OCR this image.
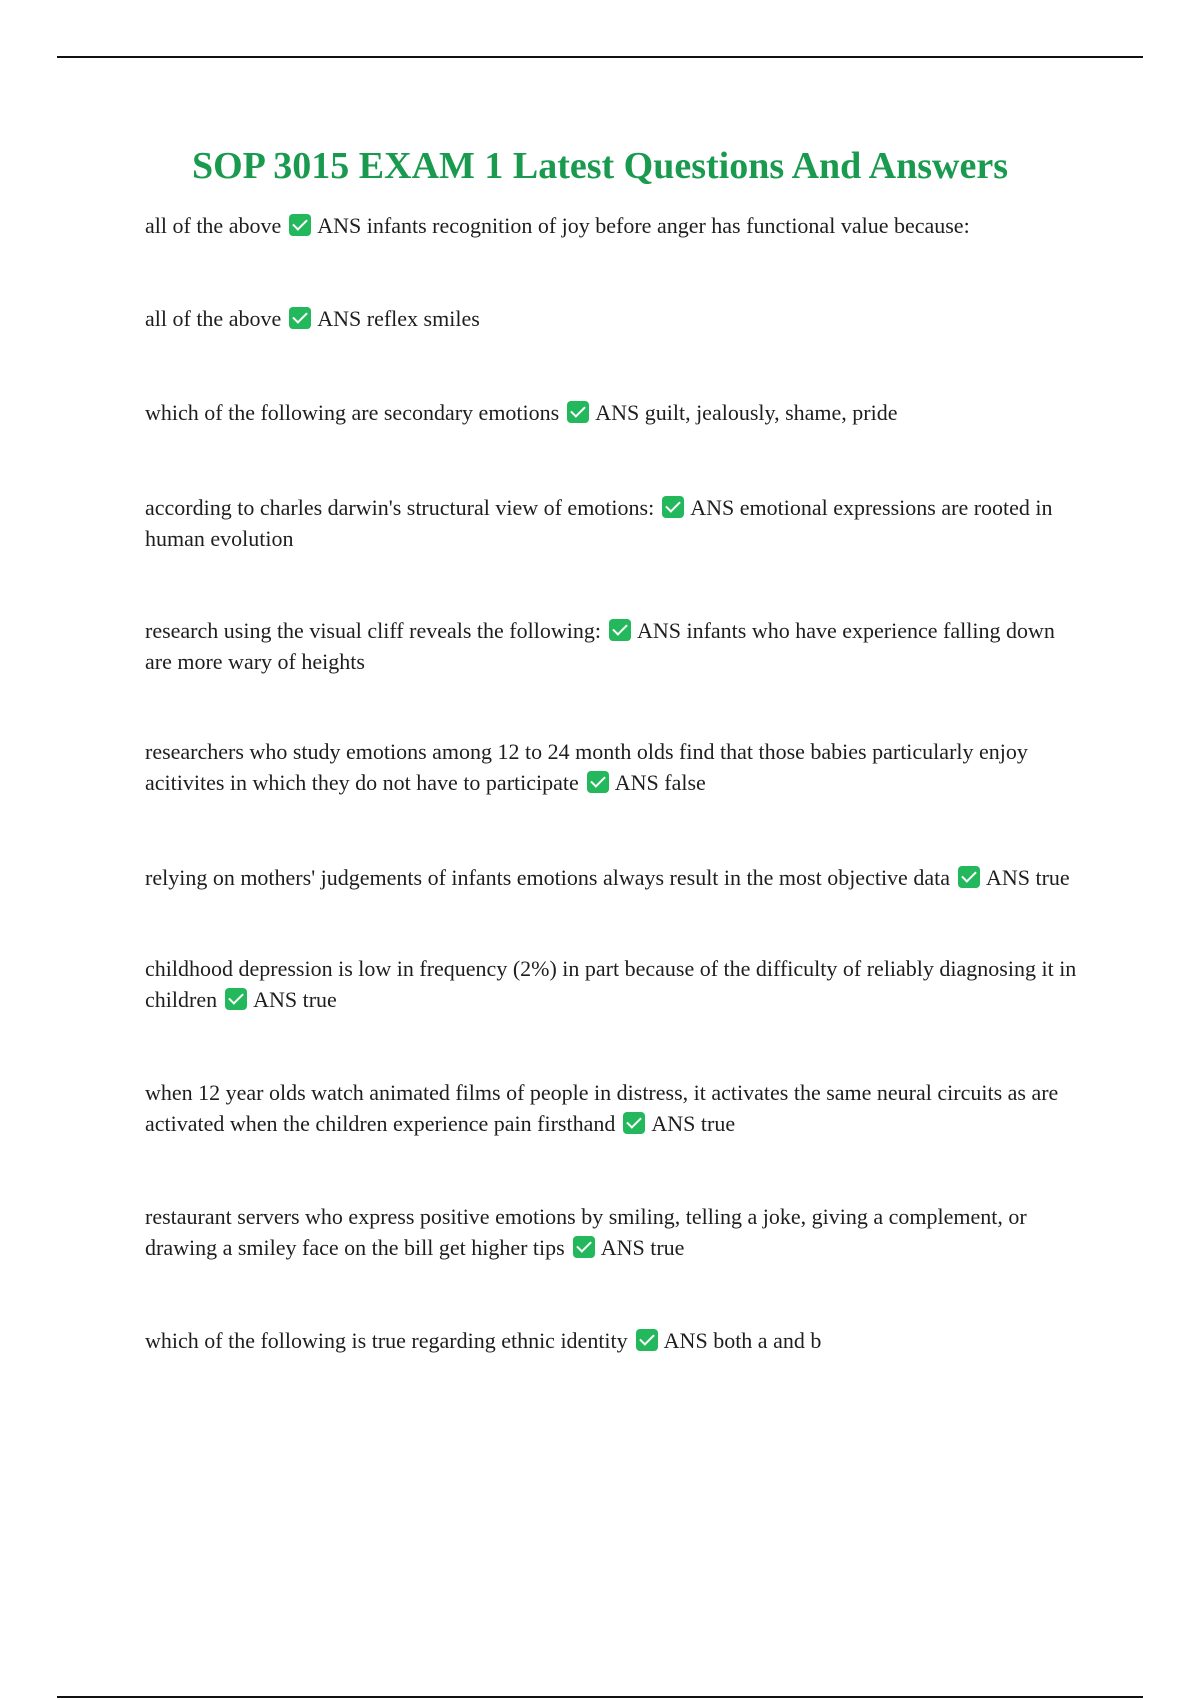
SOP 3015 EXAM 1 Latest Questions And Answers
all of the above ANS infants recognition of joy before anger has functional value because:
all of the above ANS reflex smiles
which of the following are secondary emotions ANS guilt, jealously, shame, pride
according to charles darwin's structural view of emotions: ANS emotional expressions are rooted in human evolution
research using the visual cliff reveals the following: ANS infants who have experience falling down are more wary of heights
researchers who study emotions among 12 to 24 month olds find that those babies particularly enjoy acitivites in which they do not have to participate ANS false
relying on mothers' judgements of infants emotions always result in the most objective data ANS true
childhood depression is low in frequency (2%) in part because of the difficulty of reliably diagnosing it in children ANS true
when 12 year olds watch animated films of people in distress, it activates the same neural circuits as are activated when the children experience pain firsthand ANS true
restaurant servers who express positive emotions by smiling, telling a joke, giving a complement, or drawing a smiley face on the bill get higher tips ANS true
which of the following is true regarding ethnic identity ANS both a and b
